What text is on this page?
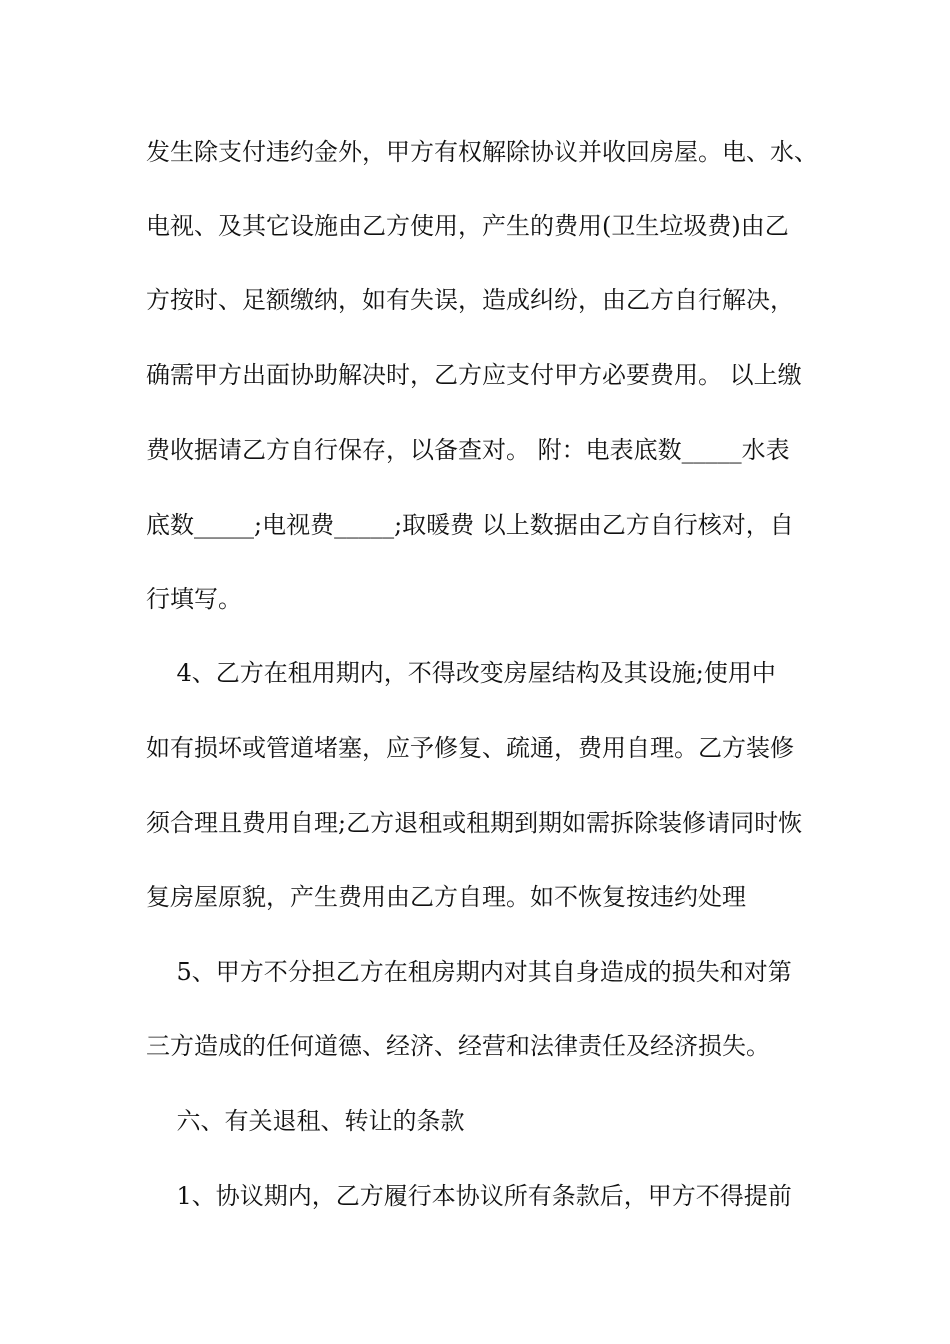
发生除支付违约金外，甲方有权解除协议并收回房屋。电、水、
电视、及其它设施由乙方使用，产生的费用(卫生垃圾费)由乙
方按时、足额缴纳，如有失误，造成纠纷，由乙方自行解决，
确需甲方出面协助解决时，乙方应支付甲方必要费用。 以上缴
费收据请乙方自行保存，以备查对。 附：电表底数_____水表
底数_____;电视费_____;取暖费 以上数据由乙方自行核对，自
行填写。
4、乙方在租用期内，不得改变房屋结构及其设施;使用中
如有损坏或管道堵塞，应予修复、疏通，费用自理。乙方装修
须合理且费用自理;乙方退租或租期到期如需拆除装修请同时恢
复房屋原貌，产生费用由乙方自理。如不恢复按违约处理
5、甲方不分担乙方在租房期内对其自身造成的损失和对第
三方造成的任何道德、经济、经营和法律责任及经济损失。
六、有关退租、转让的条款
1、协议期内，乙方履行本协议所有条款后，甲方不得提前
